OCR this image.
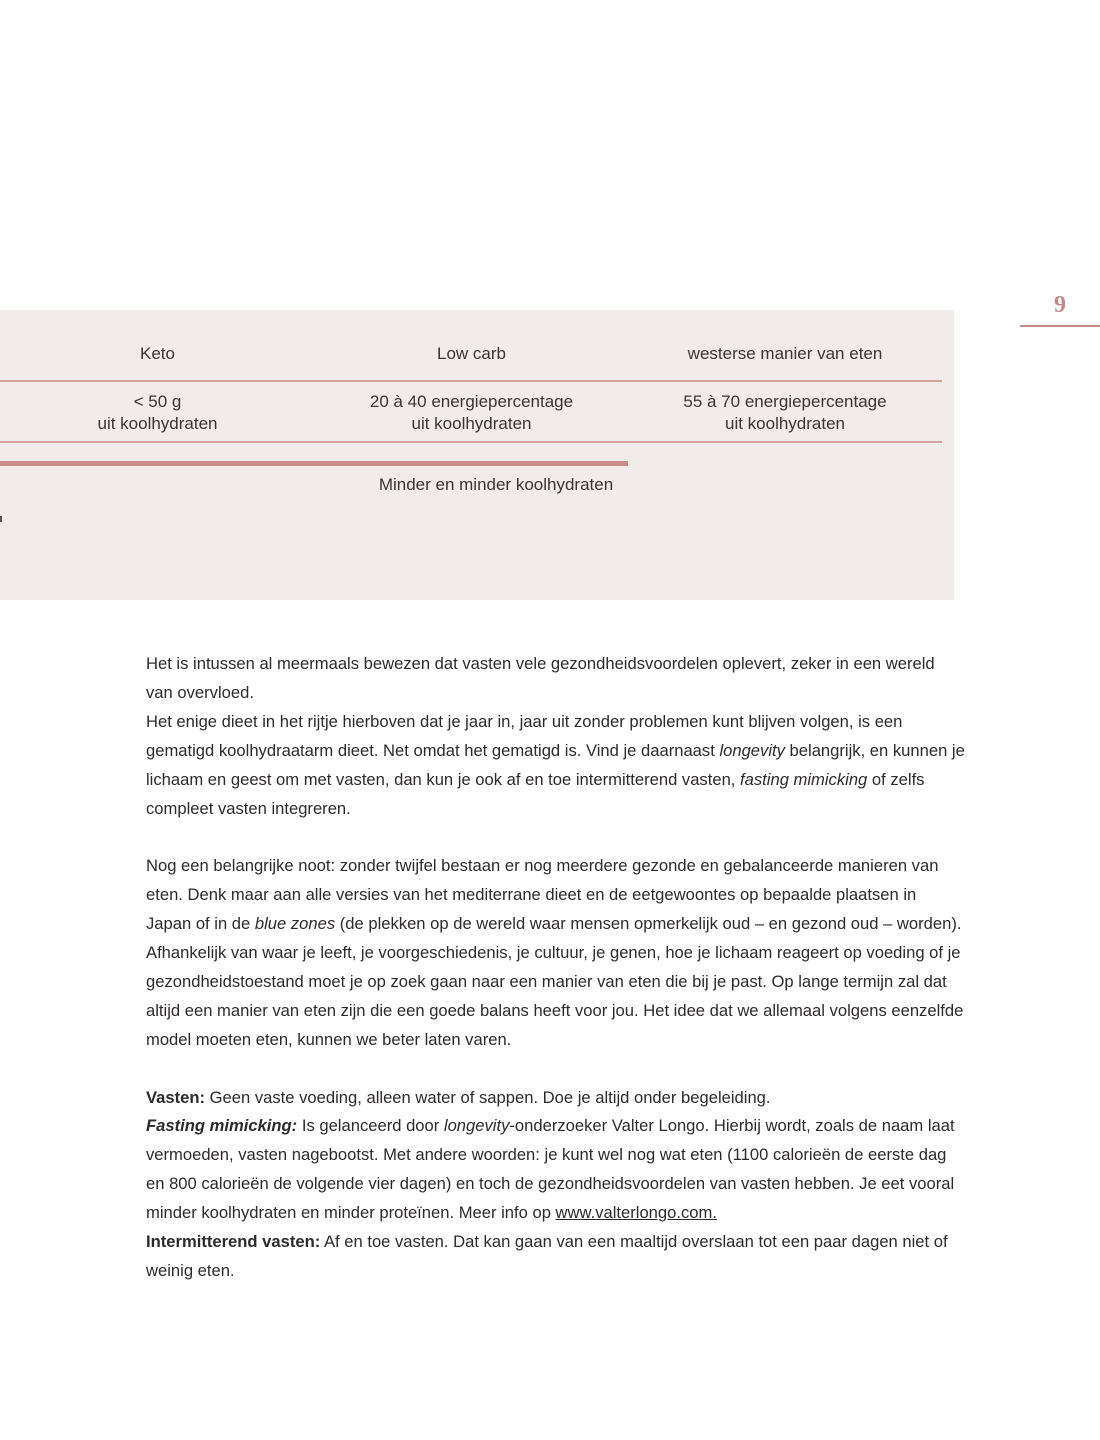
9
Keto	Low carb	westerse manier van eten
< 50 g
uit koolhydraten
20 à 40 energiepercentage
uit koolhydraten
55 à 70 energiepercentage
uit koolhydraten
Minder en minder koolhydraten

Het is intussen al meermaals bewezen dat vasten vele gezondheidsvoordelen oplevert, zeker in een wereld van overvloed.

Het enige dieet in het rijtje hierboven dat je jaar in, jaar uit zonder problemen kunt blijven volgen, is een gematigd koolhydraatarm dieet. Net omdat het gematigd is. Vind je daarnaast longevity belangrijk, en kunnen je lichaam en geest om met vasten, dan kun je ook af en toe intermitterend vasten, fasting mimicking of zelfs compleet vasten integreren.

Nog een belangrijke noot: zonder twijfel bestaan er nog meerdere gezonde en gebalanceerde manieren van eten. Denk maar aan alle versies van het mediterrane dieet en de eetgewoontes op bepaalde plaatsen in Japan of in de blue zones (de plekken op de wereld waar mensen opmerkelijk oud – en gezond oud – worden).

Afhankelijk van waar je leeft, je voorgeschiedenis, je cultuur, je genen, hoe je lichaam reageert op voeding of je gezondheidstoestand moet je op zoek gaan naar een manier van eten die bij je past. Op lange termijn zal dat altijd een manier van eten zijn die een goede balans heeft voor jou. Het idee dat we allemaal volgens eenzelfde model moeten eten, kunnen we beter laten varen.

Vasten: Geen vaste voeding, alleen water of sappen. Doe je altijd onder begeleiding.

Fasting mimicking: Is gelanceerd door longevity-onderzoeker Valter Longo. Hierbij wordt, zoals de naam laat vermoeden, vasten nagebootst. Met andere woorden: je kunt wel nog wat eten (1100 calorieën de eerste dag en 800 calorieën de volgende vier dagen) en toch de gezondheidsvoordelen van vasten hebben. Je eet vooral minder koolhydraten en minder proteïnen. Meer info op www.valterlongo.com.

Intermitterend vasten: Af en toe vasten. Dat kan gaan van een maaltijd overslaan tot een paar dagen niet of weinig eten.
